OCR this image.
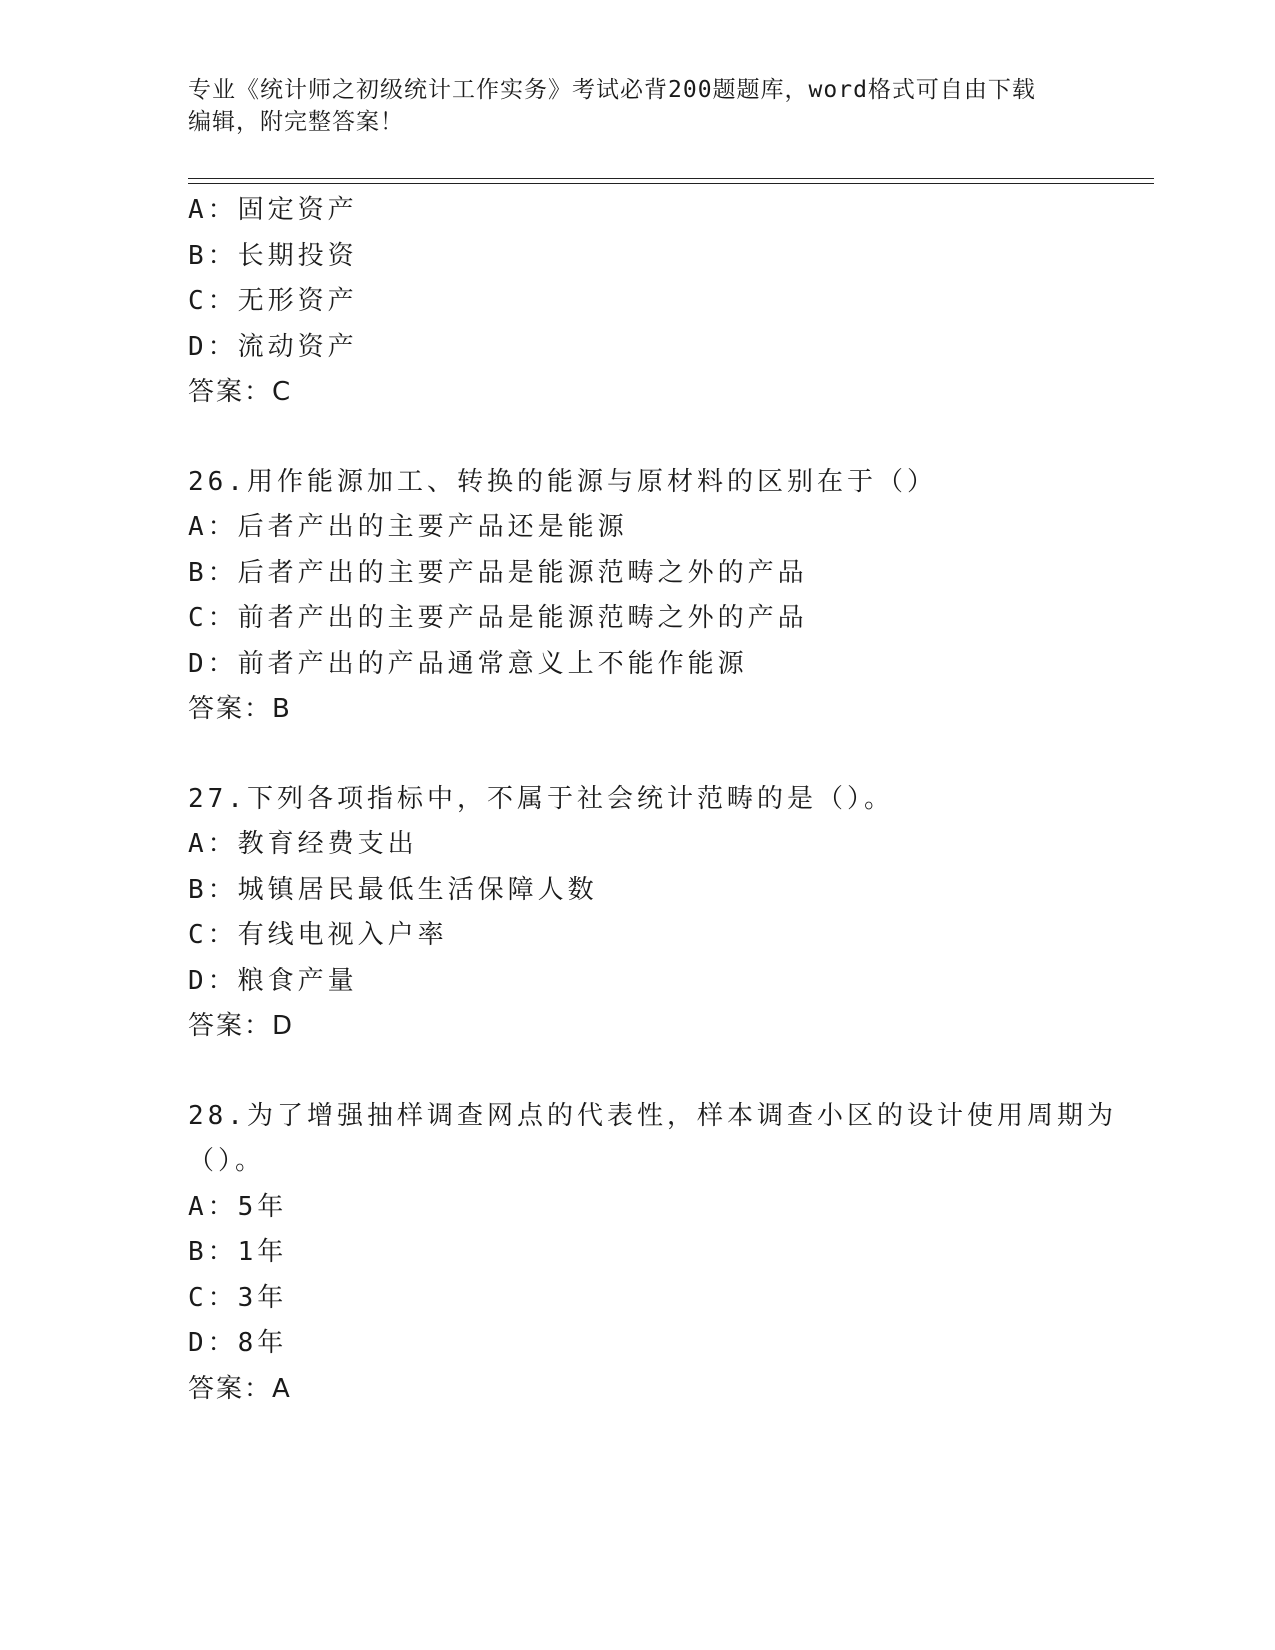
专业《统计师之初级统计工作实务》考试必背200题题库，word格式可自由下载
编辑，附完整答案！
A：固定资产
B：长期投资
C：无形资产
D：流动资产
答案：C
26.用作能源加工、转换的能源与原材料的区别在于（）
A：后者产出的主要产品还是能源
B：后者产出的主要产品是能源范畴之外的产品
C：前者产出的主要产品是能源范畴之外的产品
D：前者产出的产品通常意义上不能作能源
答案：B
27.下列各项指标中，不属于社会统计范畴的是（）。
A：教育经费支出
B：城镇居民最低生活保障人数
C：有线电视入户率
D：粮食产量
答案：D
28.为了增强抽样调查网点的代表性，样本调查小区的设计使用周期为
（）。
A：5年
B：1年
C：3年
D：8年
答案：A
